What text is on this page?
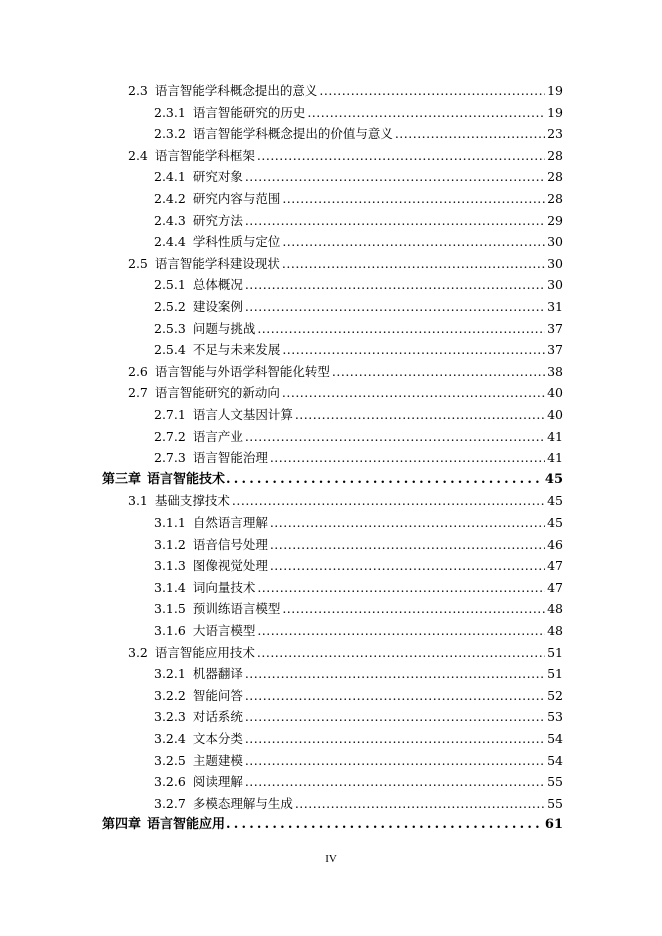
2.3 语言智能学科概念提出的意义 .....	19
2.3.1 语言智能研究的历史 .....	19
2.3.2 语言智能学科概念提出的价值与意义 .....	23
2.4 语言智能学科框架 .....	28
2.4.1 研究对象 .....	28
2.4.2 研究内容与范围 .....	28
2.4.3 研究方法 .....	29
2.4.4 学科性质与定位 .....	30
2.5 语言智能学科建设现状 .....	30
2.5.1 总体概况 .....	30
2.5.2 建设案例 .....	31
2.5.3 问题与挑战 .....	37
2.5.4 不足与未来发展 .....	37
2.6 语言智能与外语学科智能化转型 .....	38
2.7 语言智能研究的新动向 .....	40
2.7.1 语言人文基因计算 .....	40
2.7.2 语言产业 .....	41
2.7.3 语言智能治理 .....	41
第三章 语言智能技术 .....	45
3.1 基础支撑技术 .....	45
3.1.1 自然语言理解 .....	45
3.1.2 语音信号处理 .....	46
3.1.3 图像视觉处理 .....	47
3.1.4 词向量技术 .....	47
3.1.5 预训练语言模型 .....	48
3.1.6 大语言模型 .....	48
3.2 语言智能应用技术 .....	51
3.2.1 机器翻译 .....	51
3.2.2 智能问答 .....	52
3.2.3 对话系统 .....	53
3.2.4 文本分类 .....	54
3.2.5 主题建模 .....	54
3.2.6 阅读理解 .....	55
3.2.7 多模态理解与生成 .....	55
第四章 语言智能应用 .....	61
IV
